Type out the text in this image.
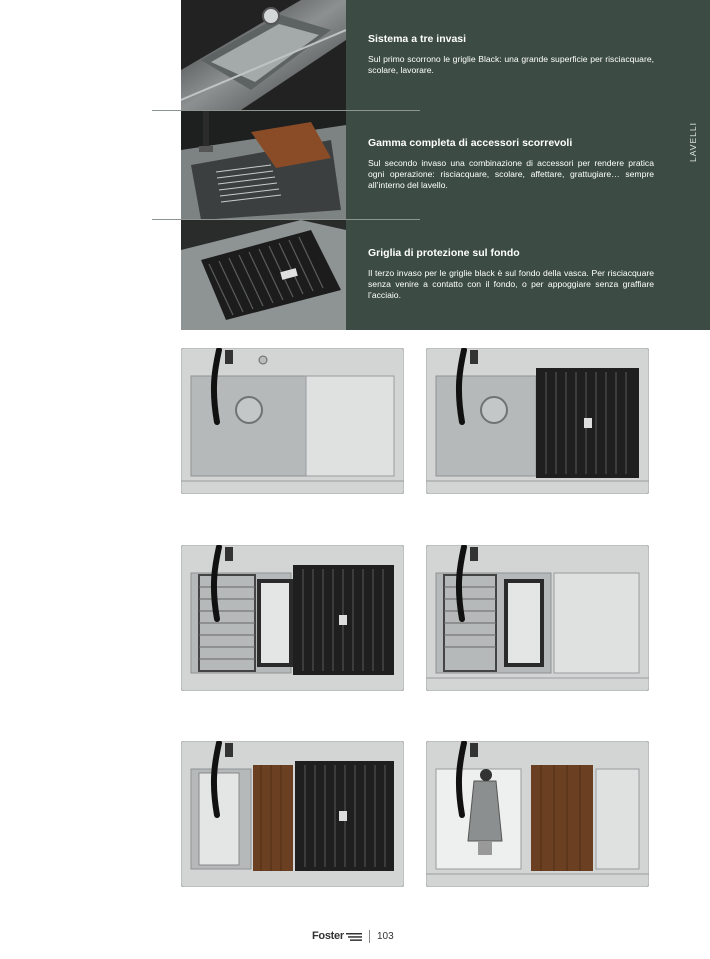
Sistema a tre invasi

Sul primo scorrono le griglie Black: una grande superficie per risciacquare, scolare, lavorare.

Gamma completa di accessori scorrevoli

Sul secondo invaso una combinazione di accessori per rendere pratica ogni operazione: risciacquare, scolare, affettare, grattugiare… sempre all’interno del lavello.

Griglia di protezione sul fondo

Il terzo invaso per le griglie black è sul fondo della vasca. Per risciacquare senza venire a contatto con il fondo, o per appoggiare senza graffiare l’acciaio.

LAVELLI
Foster	103
